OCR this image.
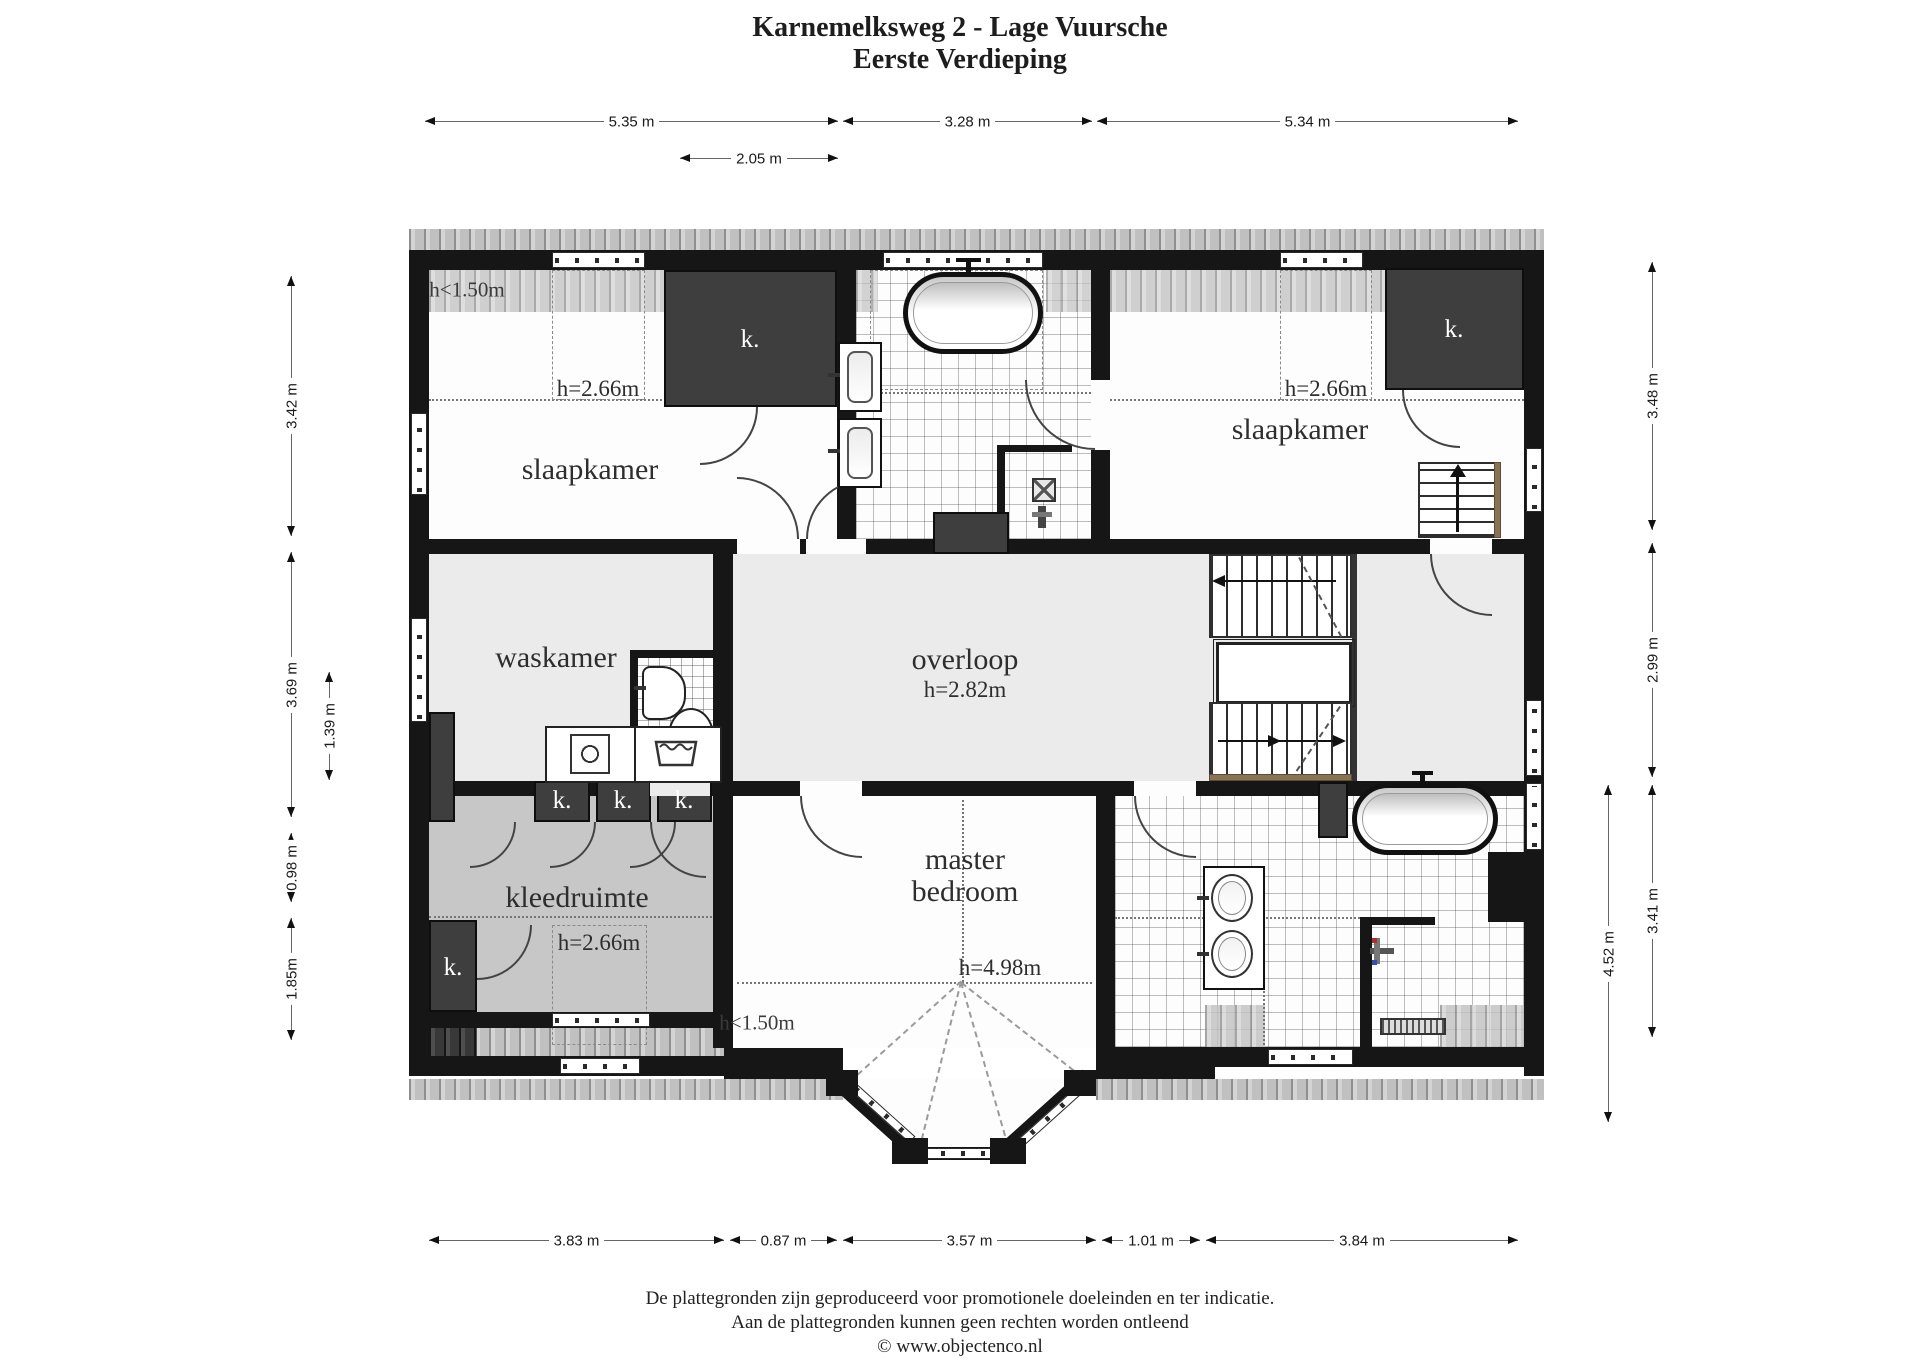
Karnemelksweg 2 - Lage Vuursche
Eerste Verdieping
5.35 m	3.28 m	5.34 m
2.05 m
3.42 m
3.69 m
0.98 m
1.85m
1.39 m
3.48 m
2.99 m
3.41 m
4.52 m
3.83 m	0.87 m	3.57 m	1.01 m	3.84 m
h<1.50m
h=2.66m
slaapkamer
h=2.66m
slaapkamer
waskamer	overloop
h=2.82m
kleedruimte
h=2.66m
h<1.50m
master
bedroom
h=4.98m
k.	k.
k. k. k.
k.
De plattegronden zijn geproduceerd voor promotionele doeleinden en ter indicatie.
Aan de plattegronden kunnen geen rechten worden ontleend
© www.objectenco.nl
